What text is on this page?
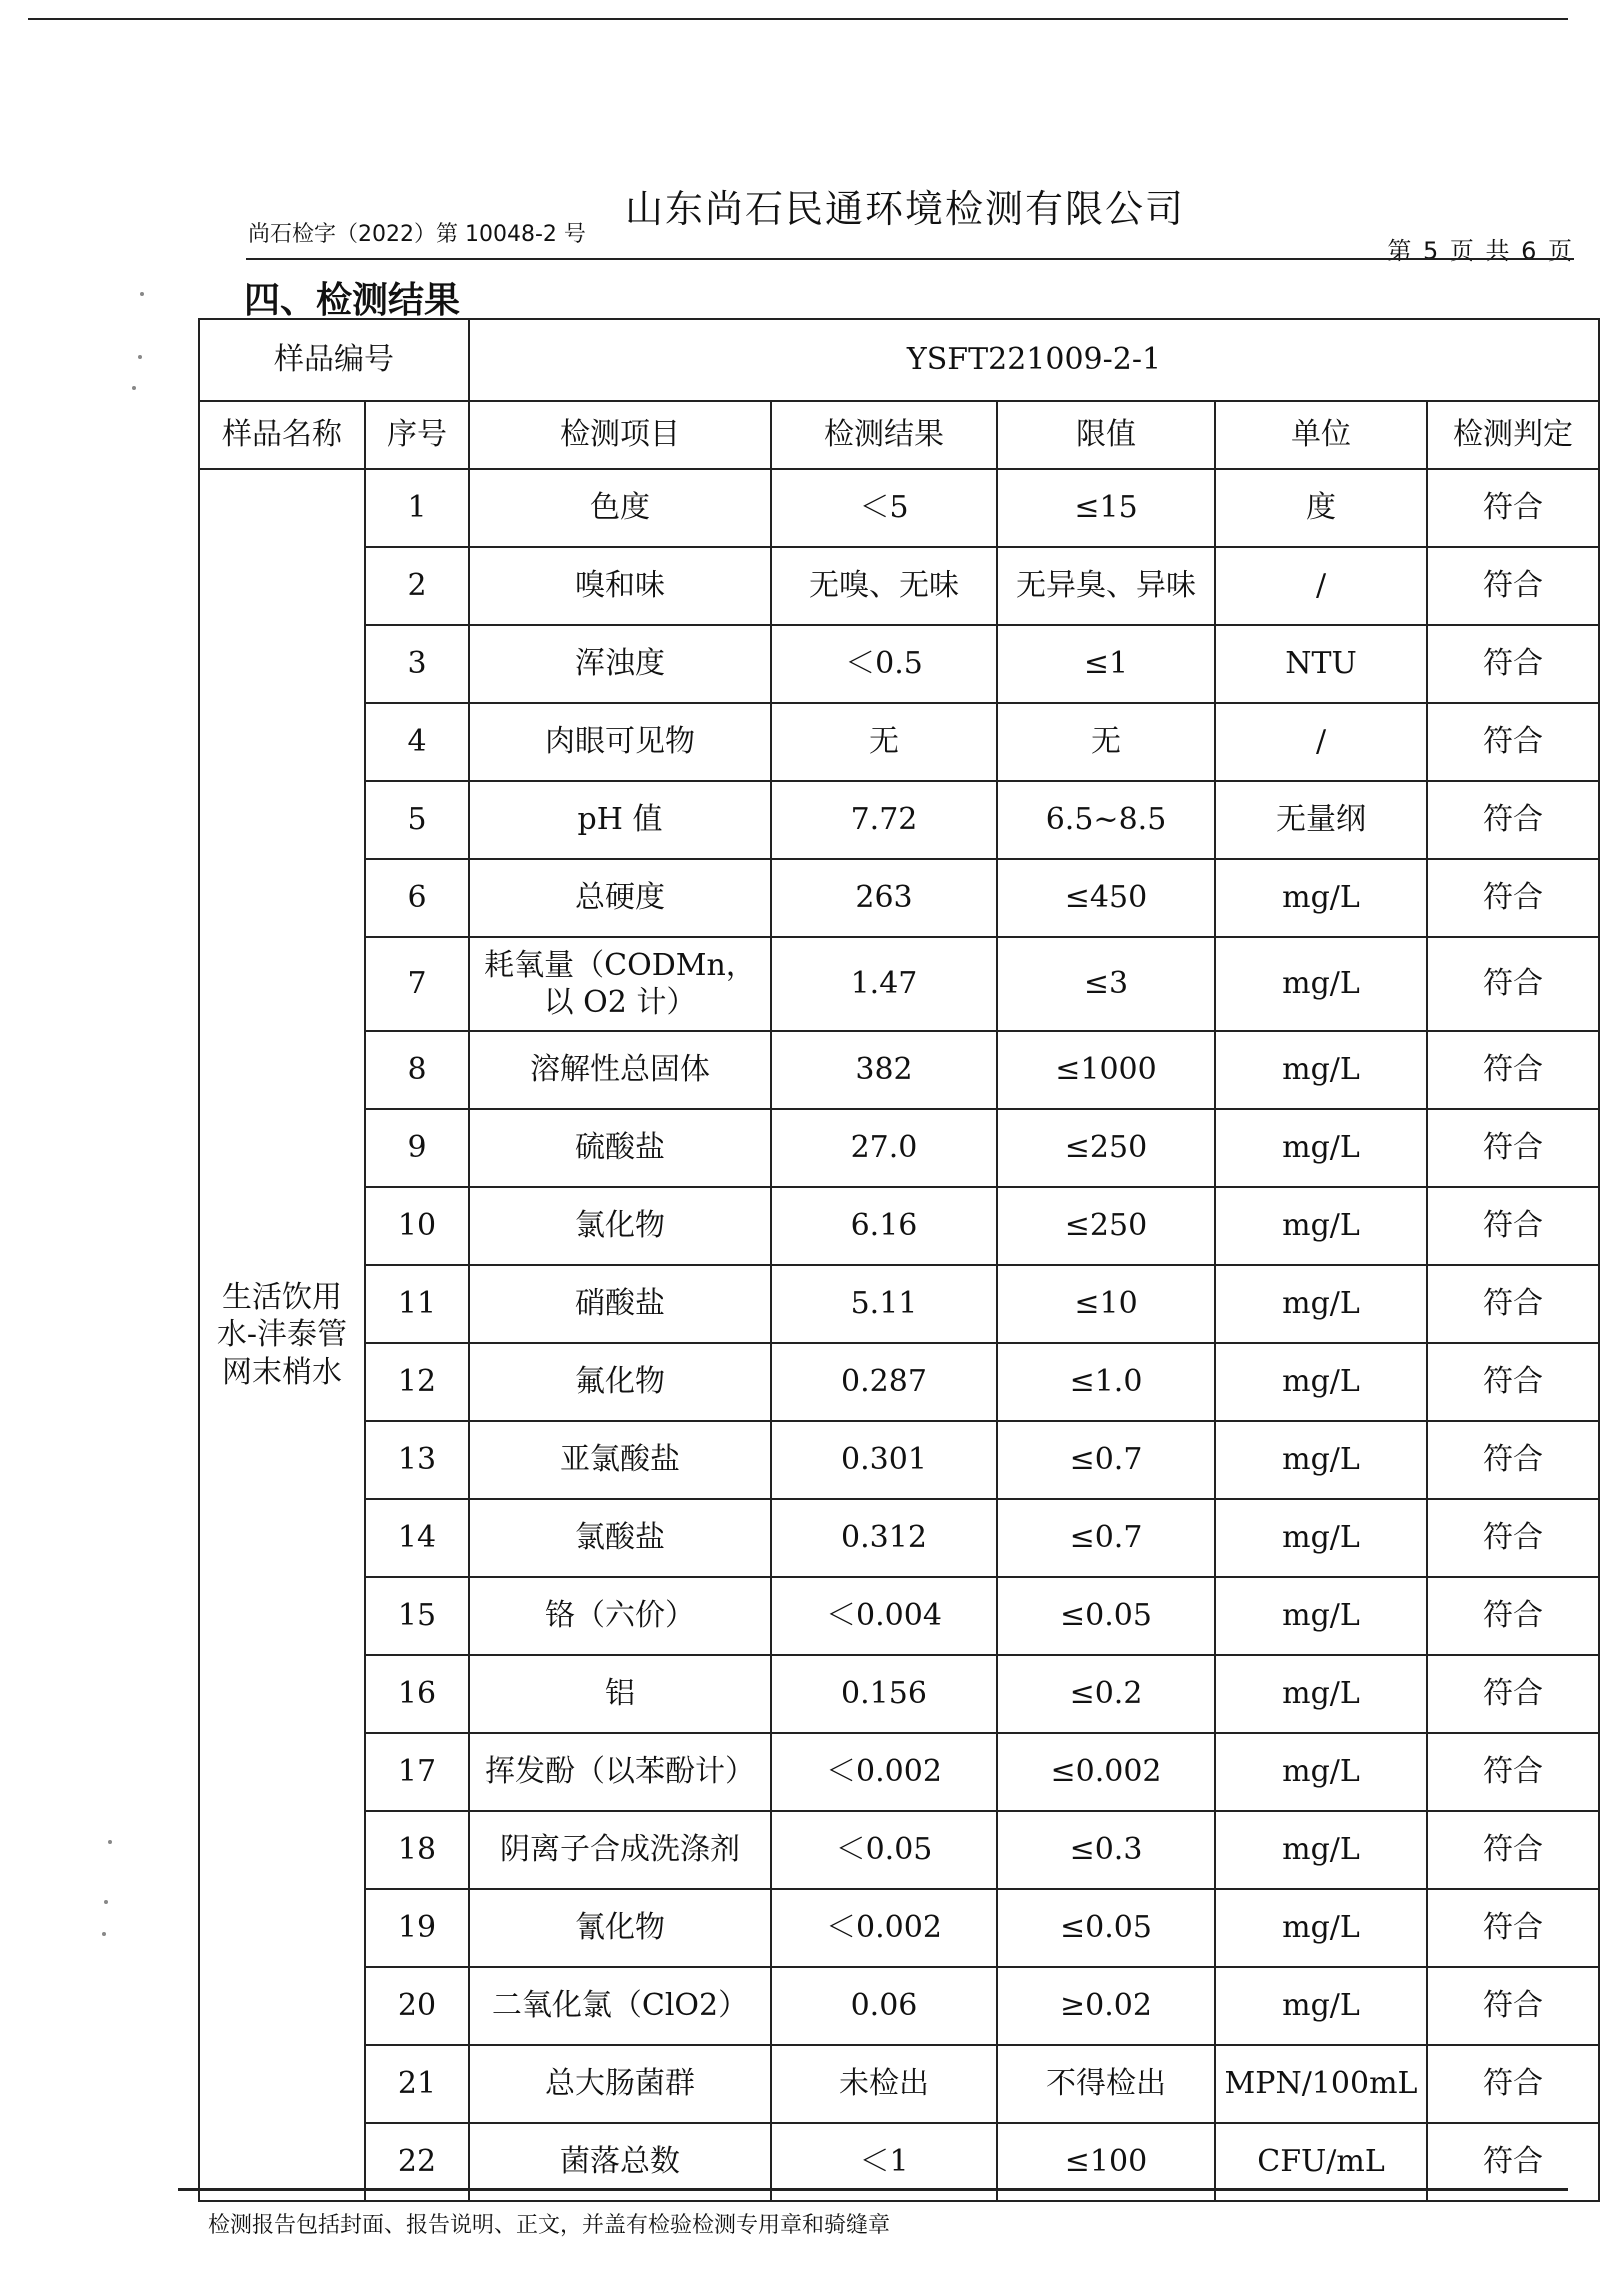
山东尚石民通环境检测有限公司
尚石检字（2022）第 10048-2 号
第 5 页 共 6 页
四、检测结果
样品编号		YSFT221009-2-1				
样品名称	序号	检测项目	检测结果	限值	单位	检测判定
生活饮用水-沣泰管网末梢水	1	色度	＜5	≤15	度	符合
	2	嗅和味	无嗅、无味	无异臭、异味	/	符合
	3	浑浊度	＜0.5	≤1	NTU	符合
	4	肉眼可见物	无	无	/	符合
	5	pH 值	7.72	6.5~8.5	无量纲	符合
	6	总硬度	263	≤450	mg/L	符合
	7	耗氧量（CODMn，以 O2 计）	1.47	≤3	mg/L	符合
	8	溶解性总固体	382	≤1000	mg/L	符合
	9	硫酸盐	27.0	≤250	mg/L	符合
	10	氯化物	6.16	≤250	mg/L	符合
	11	硝酸盐	5.11	≤10	mg/L	符合
	12	氟化物	0.287	≤1.0	mg/L	符合
	13	亚氯酸盐	0.301	≤0.7	mg/L	符合
	14	氯酸盐	0.312	≤0.7	mg/L	符合
	15	铬（六价）	＜0.004	≤0.05	mg/L	符合
	16	铝	0.156	≤0.2	mg/L	符合
	17	挥发酚（以苯酚计）	＜0.002	≤0.002	mg/L	符合
	18	阴离子合成洗涤剂	＜0.05	≤0.3	mg/L	符合
	19	氰化物	＜0.002	≤0.05	mg/L	符合
	20	二氧化氯（ClO2）	0.06	≥0.02	mg/L	符合
	21	总大肠菌群	未检出	不得检出	MPN/100mL	符合
	22	菌落总数	＜1	≤100	CFU/mL	符合
检测报告包括封面、报告说明、正文，并盖有检验检测专用章和骑缝章
